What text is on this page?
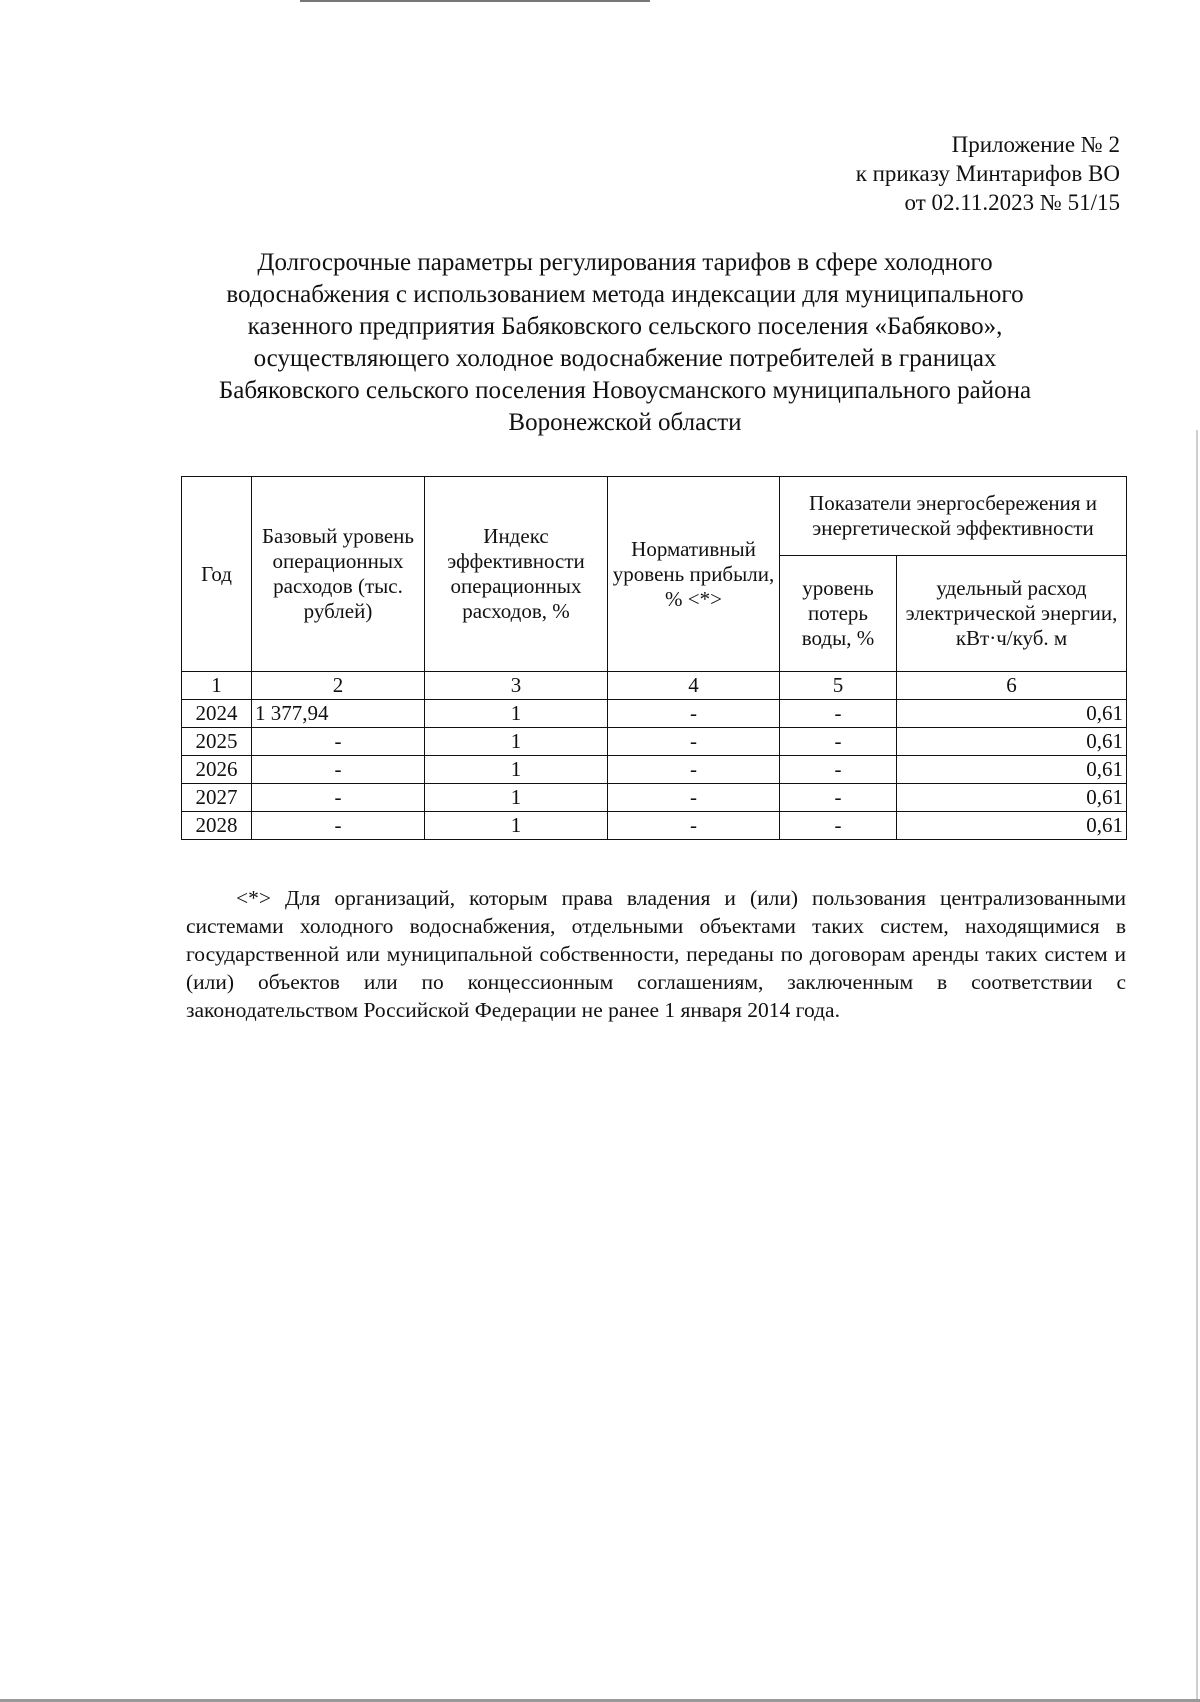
Приложение № 2
к приказу Минтарифов ВО
от 02.11.2023 № 51/15
Долгосрочные параметры регулирования тарифов в сфере холодного
водоснабжения с использованием метода индексации для муниципального
казенного предприятия Бабяковского сельского поселения «Бабяково»,
осуществляющего холодное водоснабжение потребителей в границах
Бабяковского сельского поселения Новоусманского муниципального района
Воронежской области
Год	Базовый уровень операционных расходов (тыс. рублей)	Индекс эффективности операционных расходов, %	Нормативный уровень прибыли, % <*>	Показатели энергосбережения и энергетической эффективности	
				уровень потерь воды, %	удельный расход электрической энергии, кВт·ч/куб. м
1	2	3	4	5	6
2024	1 377,94	1	-	-	0,61
2025	-	1	-	-	0,61
2026	-	1	-	-	0,61
2027	-	1	-	-	0,61
2028	-	1	-	-	0,61

<*> Для организаций, которым права владения и (или) пользования централизованными системами холодного водоснабжения, отдельными объектами таких систем, находящимися в государственной или муниципальной собственности, переданы по договорам аренды таких систем и (или) объектов или по концессионным соглашениям, заключенным в соответствии с законодательством Российской Федерации не ранее 1 января 2014 года.
